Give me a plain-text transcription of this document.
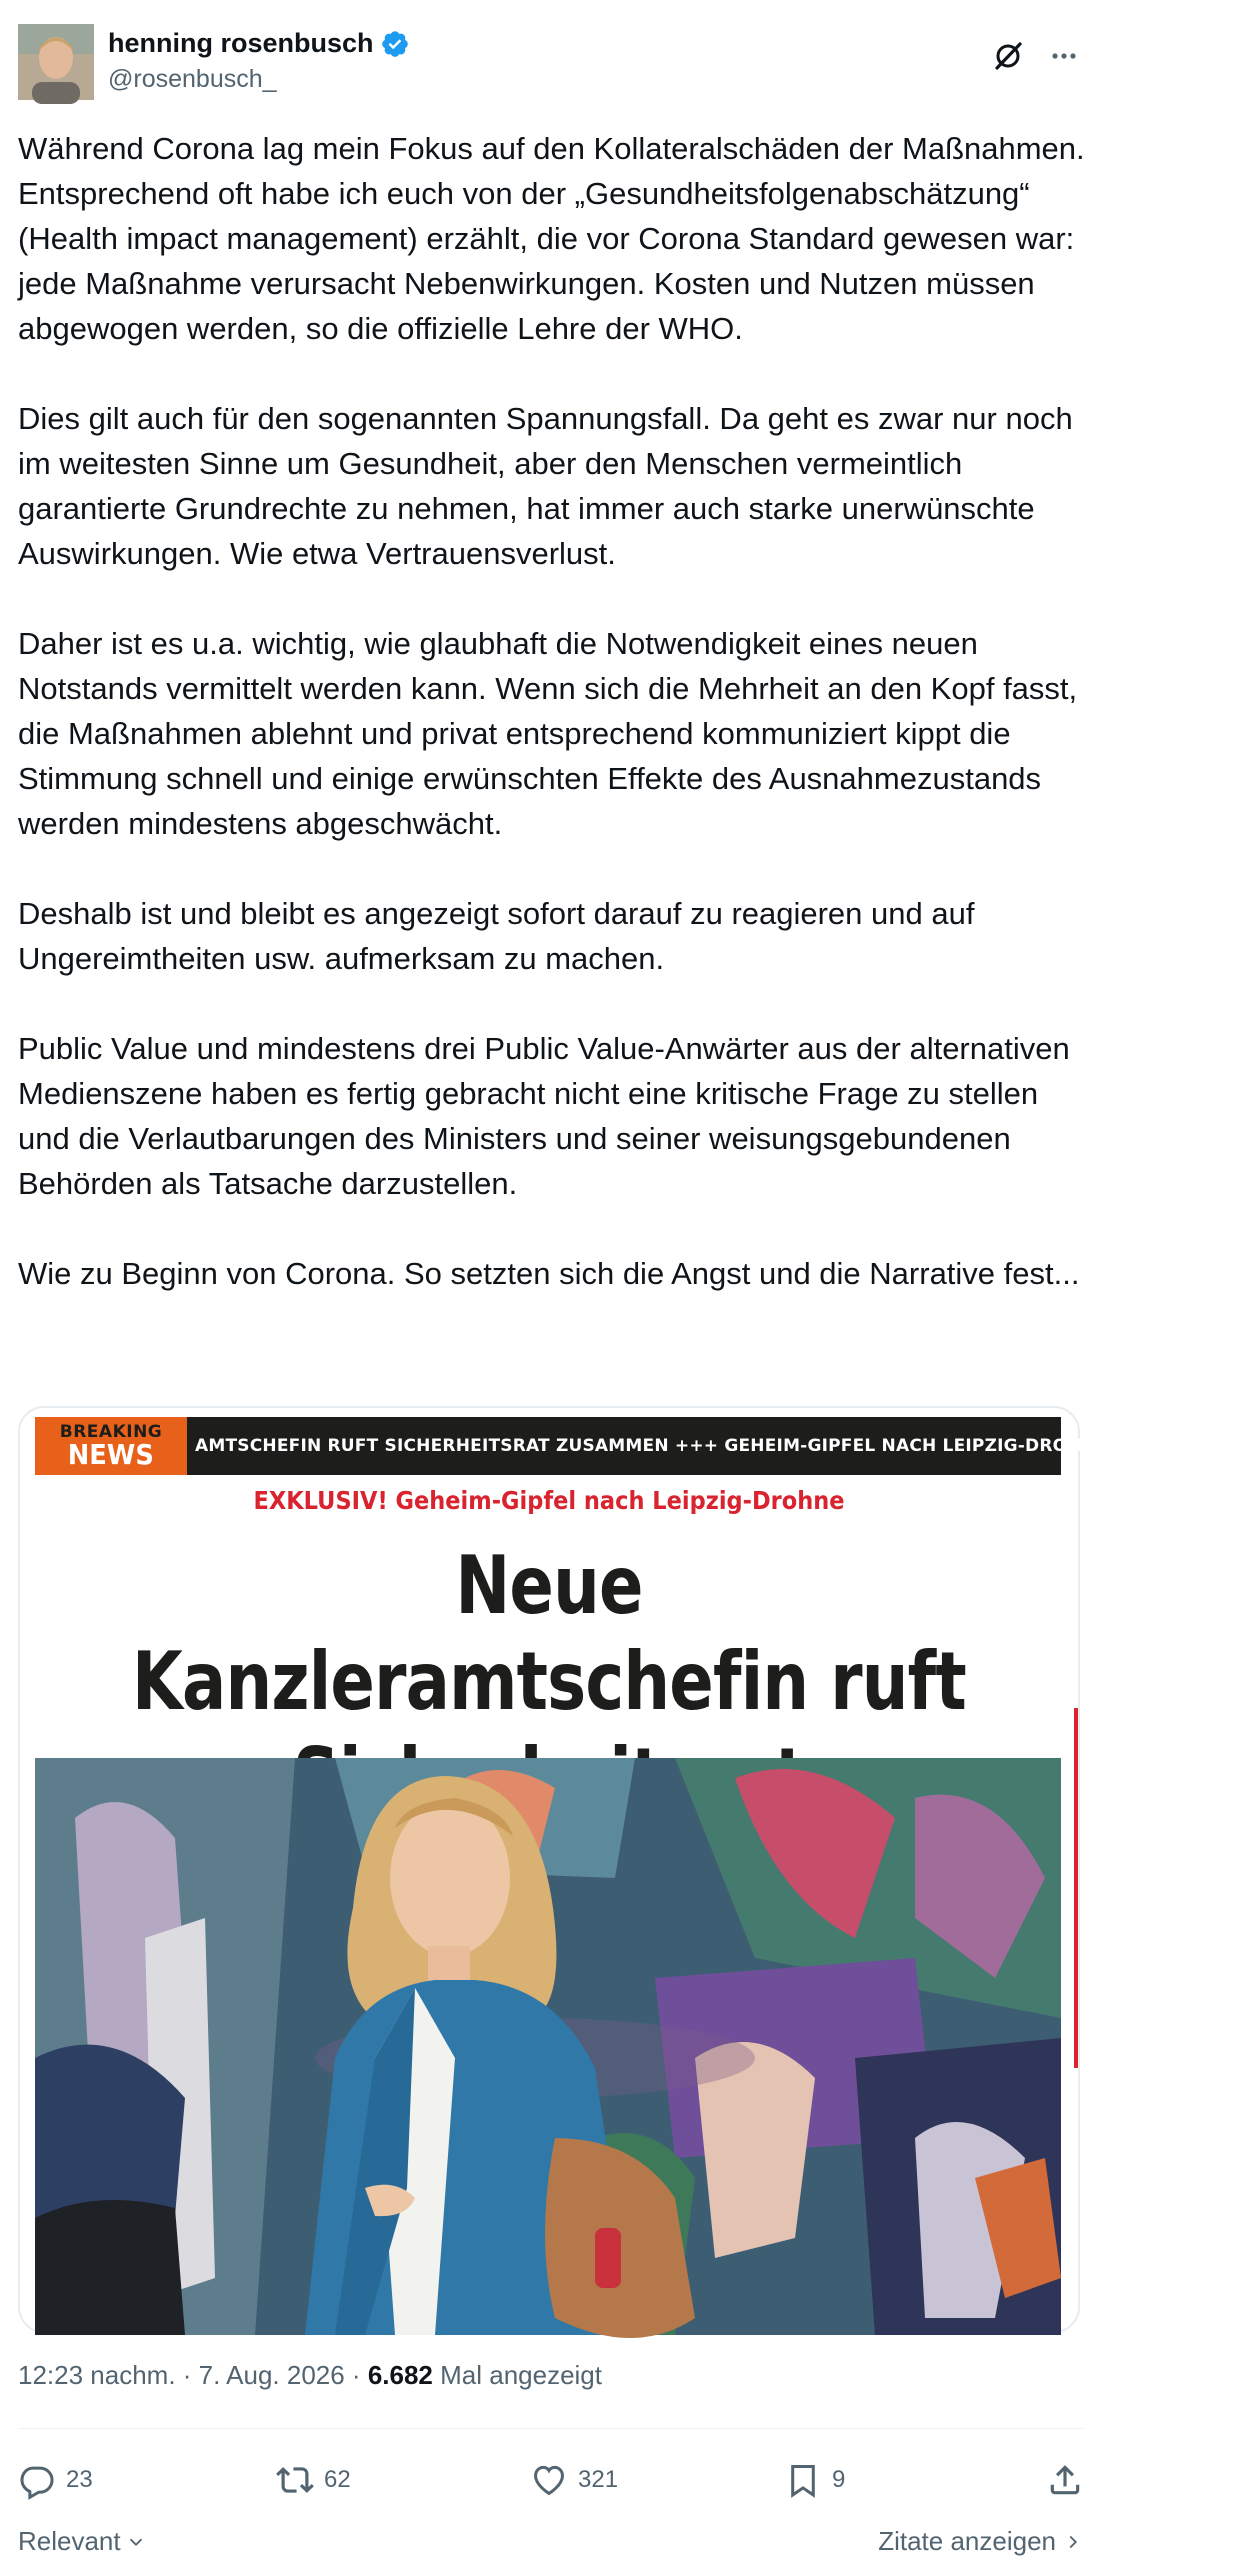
henning rosenbusch
@rosenbusch_

Während Corona lag mein Fokus auf den Kollateralschäden der Maßnahmen. Entsprechend oft habe ich euch von der „Gesundheitsfolgenabschätzung“ (Health impact management) erzählt, die vor Corona Standard gewesen war: jede Maßnahme verursacht Nebenwirkungen. Kosten und Nutzen müssen abgewogen werden, so die offizielle Lehre der WHO.

Dies gilt auch für den sogenannten Spannungsfall. Da geht es zwar nur noch im weitesten Sinne um Gesundheit, aber den Menschen vermeintlich garantierte Grundrechte zu nehmen, hat immer auch starke unerwünschte Auswirkungen. Wie etwa Vertrauensverlust.

Daher ist es u.a. wichtig, wie glaubhaft die Notwendigkeit eines neuen Notstands vermittelt werden kann. Wenn sich die Mehrheit an den Kopf fasst, die Maßnahmen ablehnt und privat entsprechend kommuniziert kippt die Stimmung schnell und einige erwünschten Effekte des Ausnahmezustands werden mindestens abgeschwächt.

Deshalb ist und bleibt es angezeigt sofort darauf zu reagieren und auf Ungereimtheiten usw. aufmerksam zu machen.

Public Value und mindestens drei Public Value-Anwärter aus der alternativen Medienszene haben es fertig gebracht nicht eine kritische Frage zu stellen und die Verlautbarungen des Ministers und seiner weisungsgebundenen Behörden als Tatsache darzustellen.

Wie zu Beginn von Corona. So setzten sich die Angst und die Narrative fest...

BREAKING
NEWS AMTSCHEFIN RUFT SICHERHEITSRAT ZUSAMMEN +++ GEHEIM-GIPFEL NACH LEIPZIG-DROHNE: NEUE KANZLE
EXKLUSIV! Geheim-Gipfel nach Leipzig-Drohne
Neue Kanzleramtschefin ruft
12:23 nachm. · 7. Aug. 2026 · 6.682 Mal angezeigt
23	62	321	9
Relevant	Zitate anzeigen
